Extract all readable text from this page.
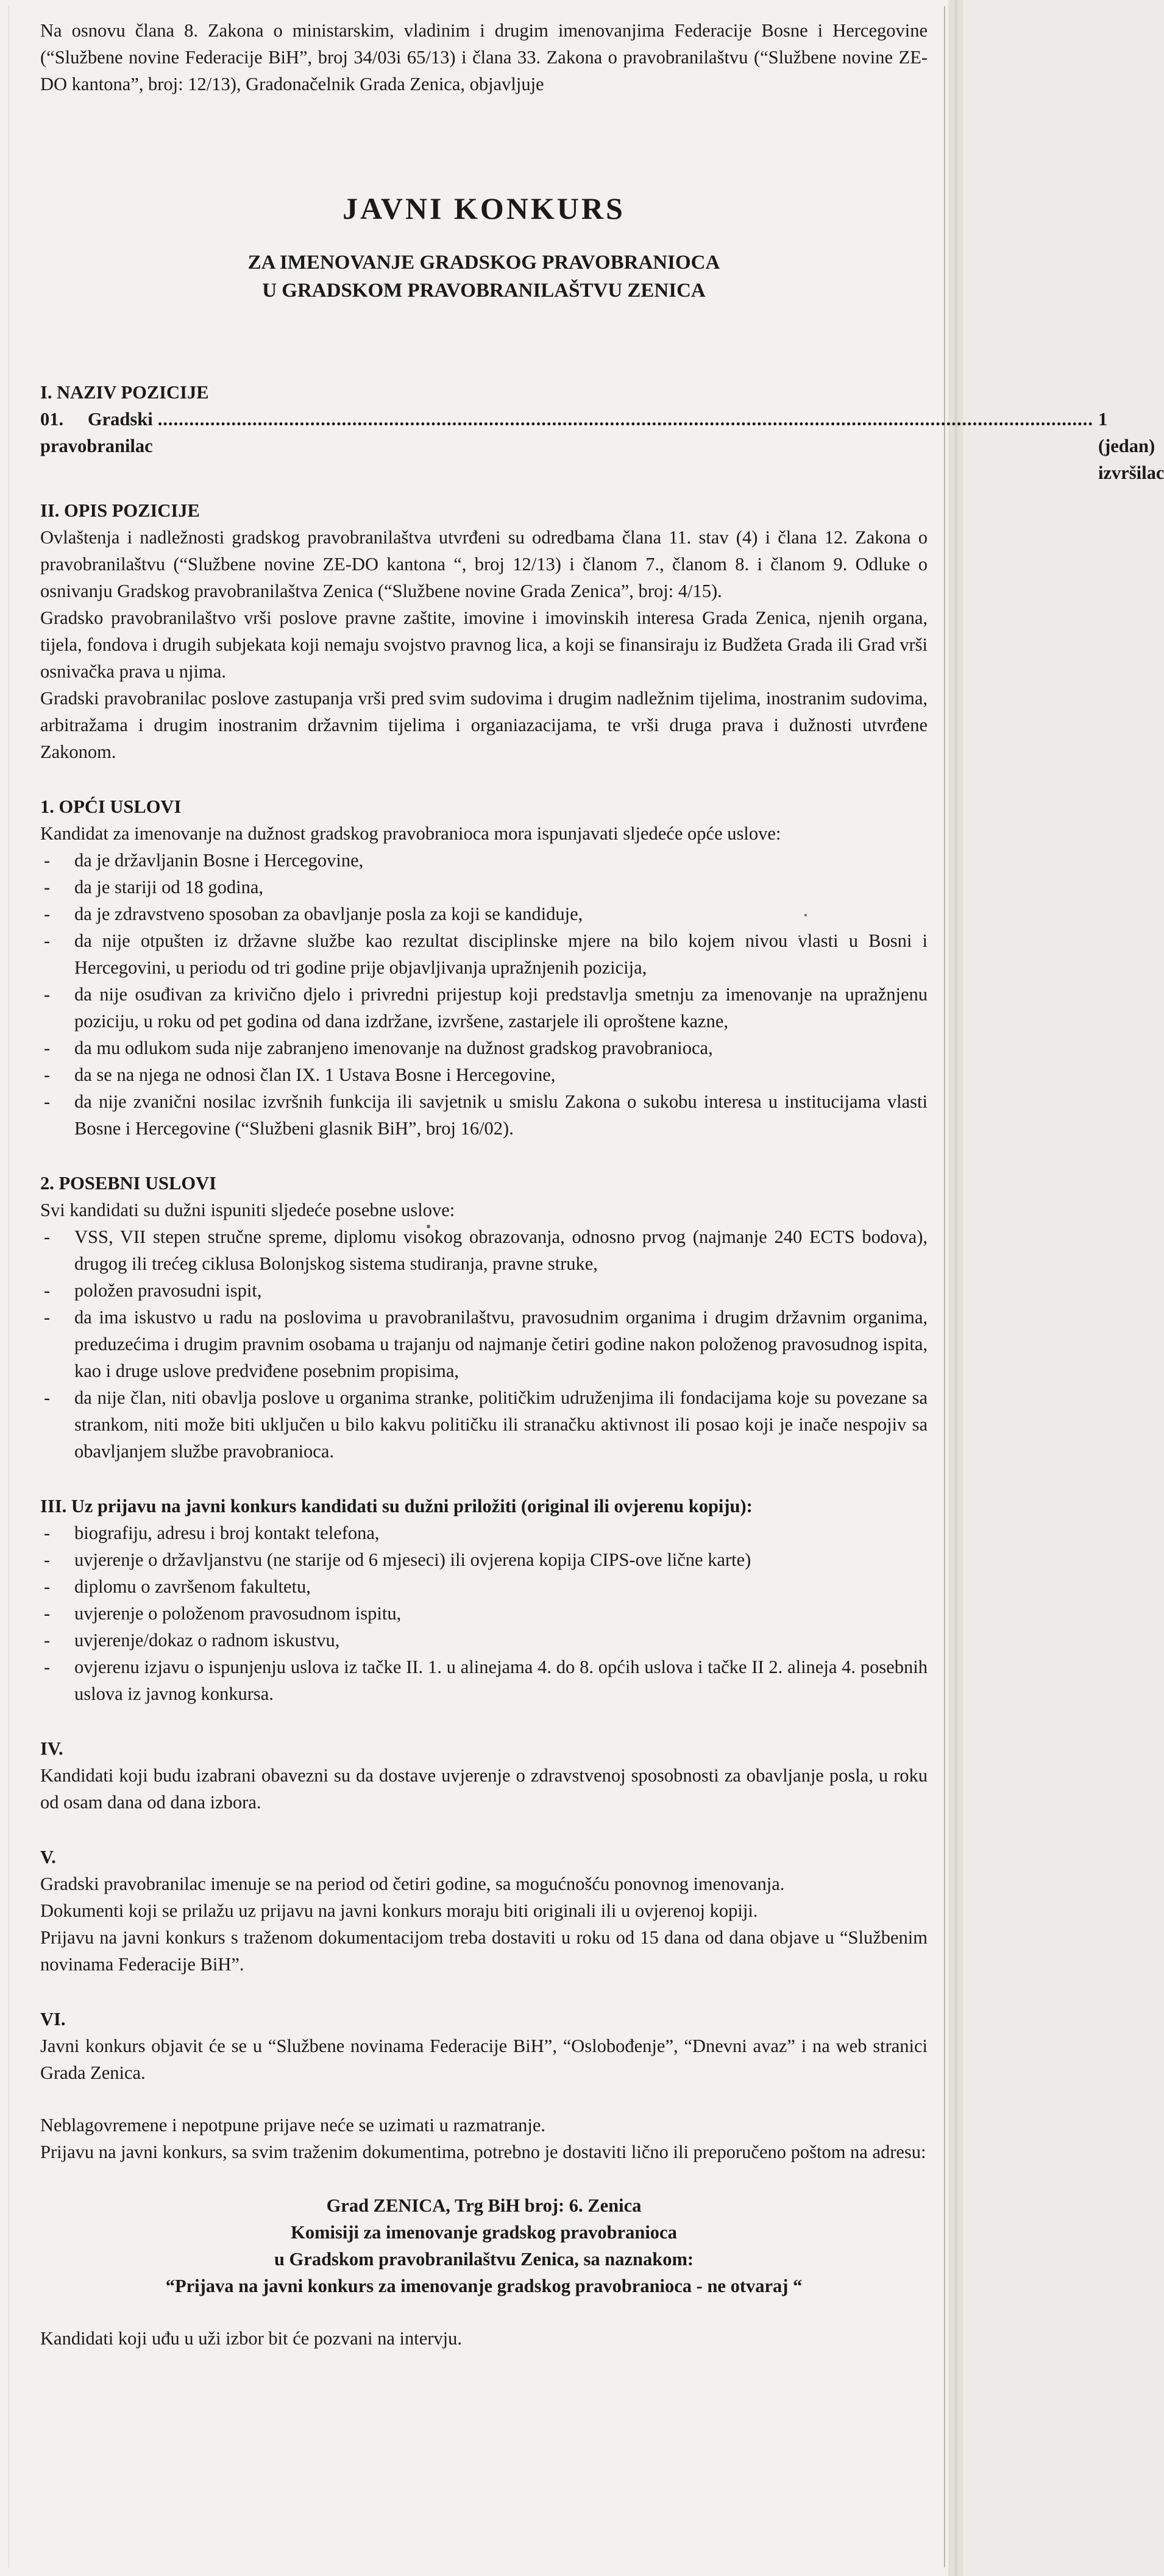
Na osnovu člana 8. Zakona o ministarskim, vladinim i drugim imenovanjima Federacije Bosne i Hercegovine (“Službene novine Federacije BiH”, broj 34/03i 65/13) i člana 33. Zakona o pravobranilaštvu (“Službene novine ZE-DO kantona”, broj: 12/13), Gradonačelnik Grada Zenica, objavljuje

JAVNI KONKURS
ZA IMENOVANJE GRADSKOG PRAVOBRANIOCA
U GRADSKOM PRAVOBRANILAŠTVU ZENICA
I. NAZIV POZICIJE
01. Gradski pravobranilac
.................................................................................................................................................................................. 1 (jedan) izvršilac
II. OPIS POZICIJE

Ovlaštenja i nadležnosti gradskog pravobranilaštva utvrđeni su odredbama člana 11. stav (4) i člana 12. Zakona o pravobranilaštvu (“Službene novine ZE-DO kantona “, broj 12/13) i članom 7., članom 8. i članom 9. Odluke o osnivanju Gradskog pravobranilaštva Zenica (“Službene novine Grada Zenica”, broj: 4/15).

Gradsko pravobranilaštvo vrši poslove pravne zaštite, imovine i imovinskih interesa Grada Zenica, njenih organa, tijela, fondova i drugih subjekata koji nemaju svojstvo pravnog lica, a koji se finansiraju iz Budžeta Grada ili Grad vrši osnivačka prava u njima.

Gradski pravobranilac poslove zastupanja vrši pred svim sudovima i drugim nadležnim tijelima, inostranim sudovima, arbitražama i drugim inostranim državnim tijelima i organiazacijama, te vrši druga prava i dužnosti utvrđene Zakonom.

1. OPĆI USLOVI

Kandidat za imenovanje na dužnost gradskog pravobranioca mora ispunjavati sljedeće opće uslove:

- da je državljanin Bosne i Hercegovine,
- da je stariji od 18 godina,
- da je zdravstveno sposoban za obavljanje posla za koji se kandiduje,
- da nije otpušten iz državne službe kao rezultat disciplinske mjere na bilo kojem nivou vlasti u Bosni i Hercegovini, u periodu od tri godine prije objavljivanja upražnjenih pozicija,
- da nije osuđivan za krivično djelo i privredni prijestup koji predstavlja smetnju za imenovanje na upražnjenu poziciju, u roku od pet godina od dana izdržane, izvršene, zastarjele ili oproštene kazne,
- da mu odlukom suda nije zabranjeno imenovanje na dužnost gradskog pravobranioca,
- da se na njega ne odnosi član IX. 1 Ustava Bosne i Hercegovine,
- da nije zvanični nosilac izvršnih funkcija ili savjetnik u smislu Zakona o sukobu interesa u institucijama vlasti Bosne i Hercegovine (“Službeni glasnik BiH”, broj 16/02).
2. POSEBNI USLOVI

Svi kandidati su dužni ispuniti sljedeće posebne uslove:

- VSS, VII stepen stručne spreme, diplomu visokog obrazovanja, odnosno prvog (najmanje 240 ECTS bodova), drugog ili trećeg ciklusa Bolonjskog sistema studiranja, pravne struke,
- položen pravosudni ispit,
- da ima iskustvo u radu na poslovima u pravobranilaštvu, pravosudnim organima i drugim državnim organima, preduzećima i drugim pravnim osobama u trajanju od najmanje četiri godine nakon položenog pravosudnog ispita, kao i druge uslove predviđene posebnim propisima,
- da nije član, niti obavlja poslove u organima stranke, političkim udruženjima ili fondacijama koje su povezane sa strankom, niti može biti uključen u bilo kakvu političku ili stranačku aktivnost ili posao koji je inače nespojiv sa obavljanjem službe pravobranioca.
III. Uz prijavu na javni konkurs kandidati su dužni priložiti (original ili ovjerenu kopiju):
- biografiju, adresu i broj kontakt telefona,
- uvjerenje o državljanstvu (ne starije od 6 mjeseci) ili ovjerena kopija CIPS-ove lične karte)
- diplomu o završenom fakultetu,
- uvjerenje o položenom pravosudnom ispitu,
- uvjerenje/dokaz o radnom iskustvu,
- ovjerenu izjavu o ispunjenju uslova iz tačke II. 1. u alinejama 4. do 8. općih uslova i tačke II 2. alineja 4. posebnih uslova iz javnog konkursa.
IV.

Kandidati koji budu izabrani obavezni su da dostave uvjerenje o zdravstvenoj sposobnosti za obavljanje posla, u roku od osam dana od dana izbora.

V.

Gradski pravobranilac imenuje se na period od četiri godine, sa mogućnošću ponovnog imenovanja.

Dokumenti koji se prilažu uz prijavu na javni konkurs moraju biti originali ili u ovjerenoj kopiji.

Prijavu na javni konkurs s traženom dokumentacijom treba dostaviti u roku od 15 dana od dana objave u “Službenim novinama Federacije BiH”.

VI.

Javni konkurs objavit će se u “Službene novinama Federacije BiH”, “Oslobođenje”, “Dnevni avaz” i na web stranici Grada Zenica.

Neblagovremene i nepotpune prijave neće se uzimati u razmatranje.

Prijavu na javni konkurs, sa svim traženim dokumentima, potrebno je dostaviti lično ili preporučeno poštom na adresu:

Grad ZENICA, Trg BiH broj: 6. Zenica
Komisiji za imenovanje gradskog pravobranioca
u Gradskom pravobranilaštvu Zenica, sa naznakom:
“Prijava na javni konkurs za imenovanje gradskog pravobranioca - ne otvaraj “

Kandidati koji uđu u uži izbor bit će pozvani na intervju.
